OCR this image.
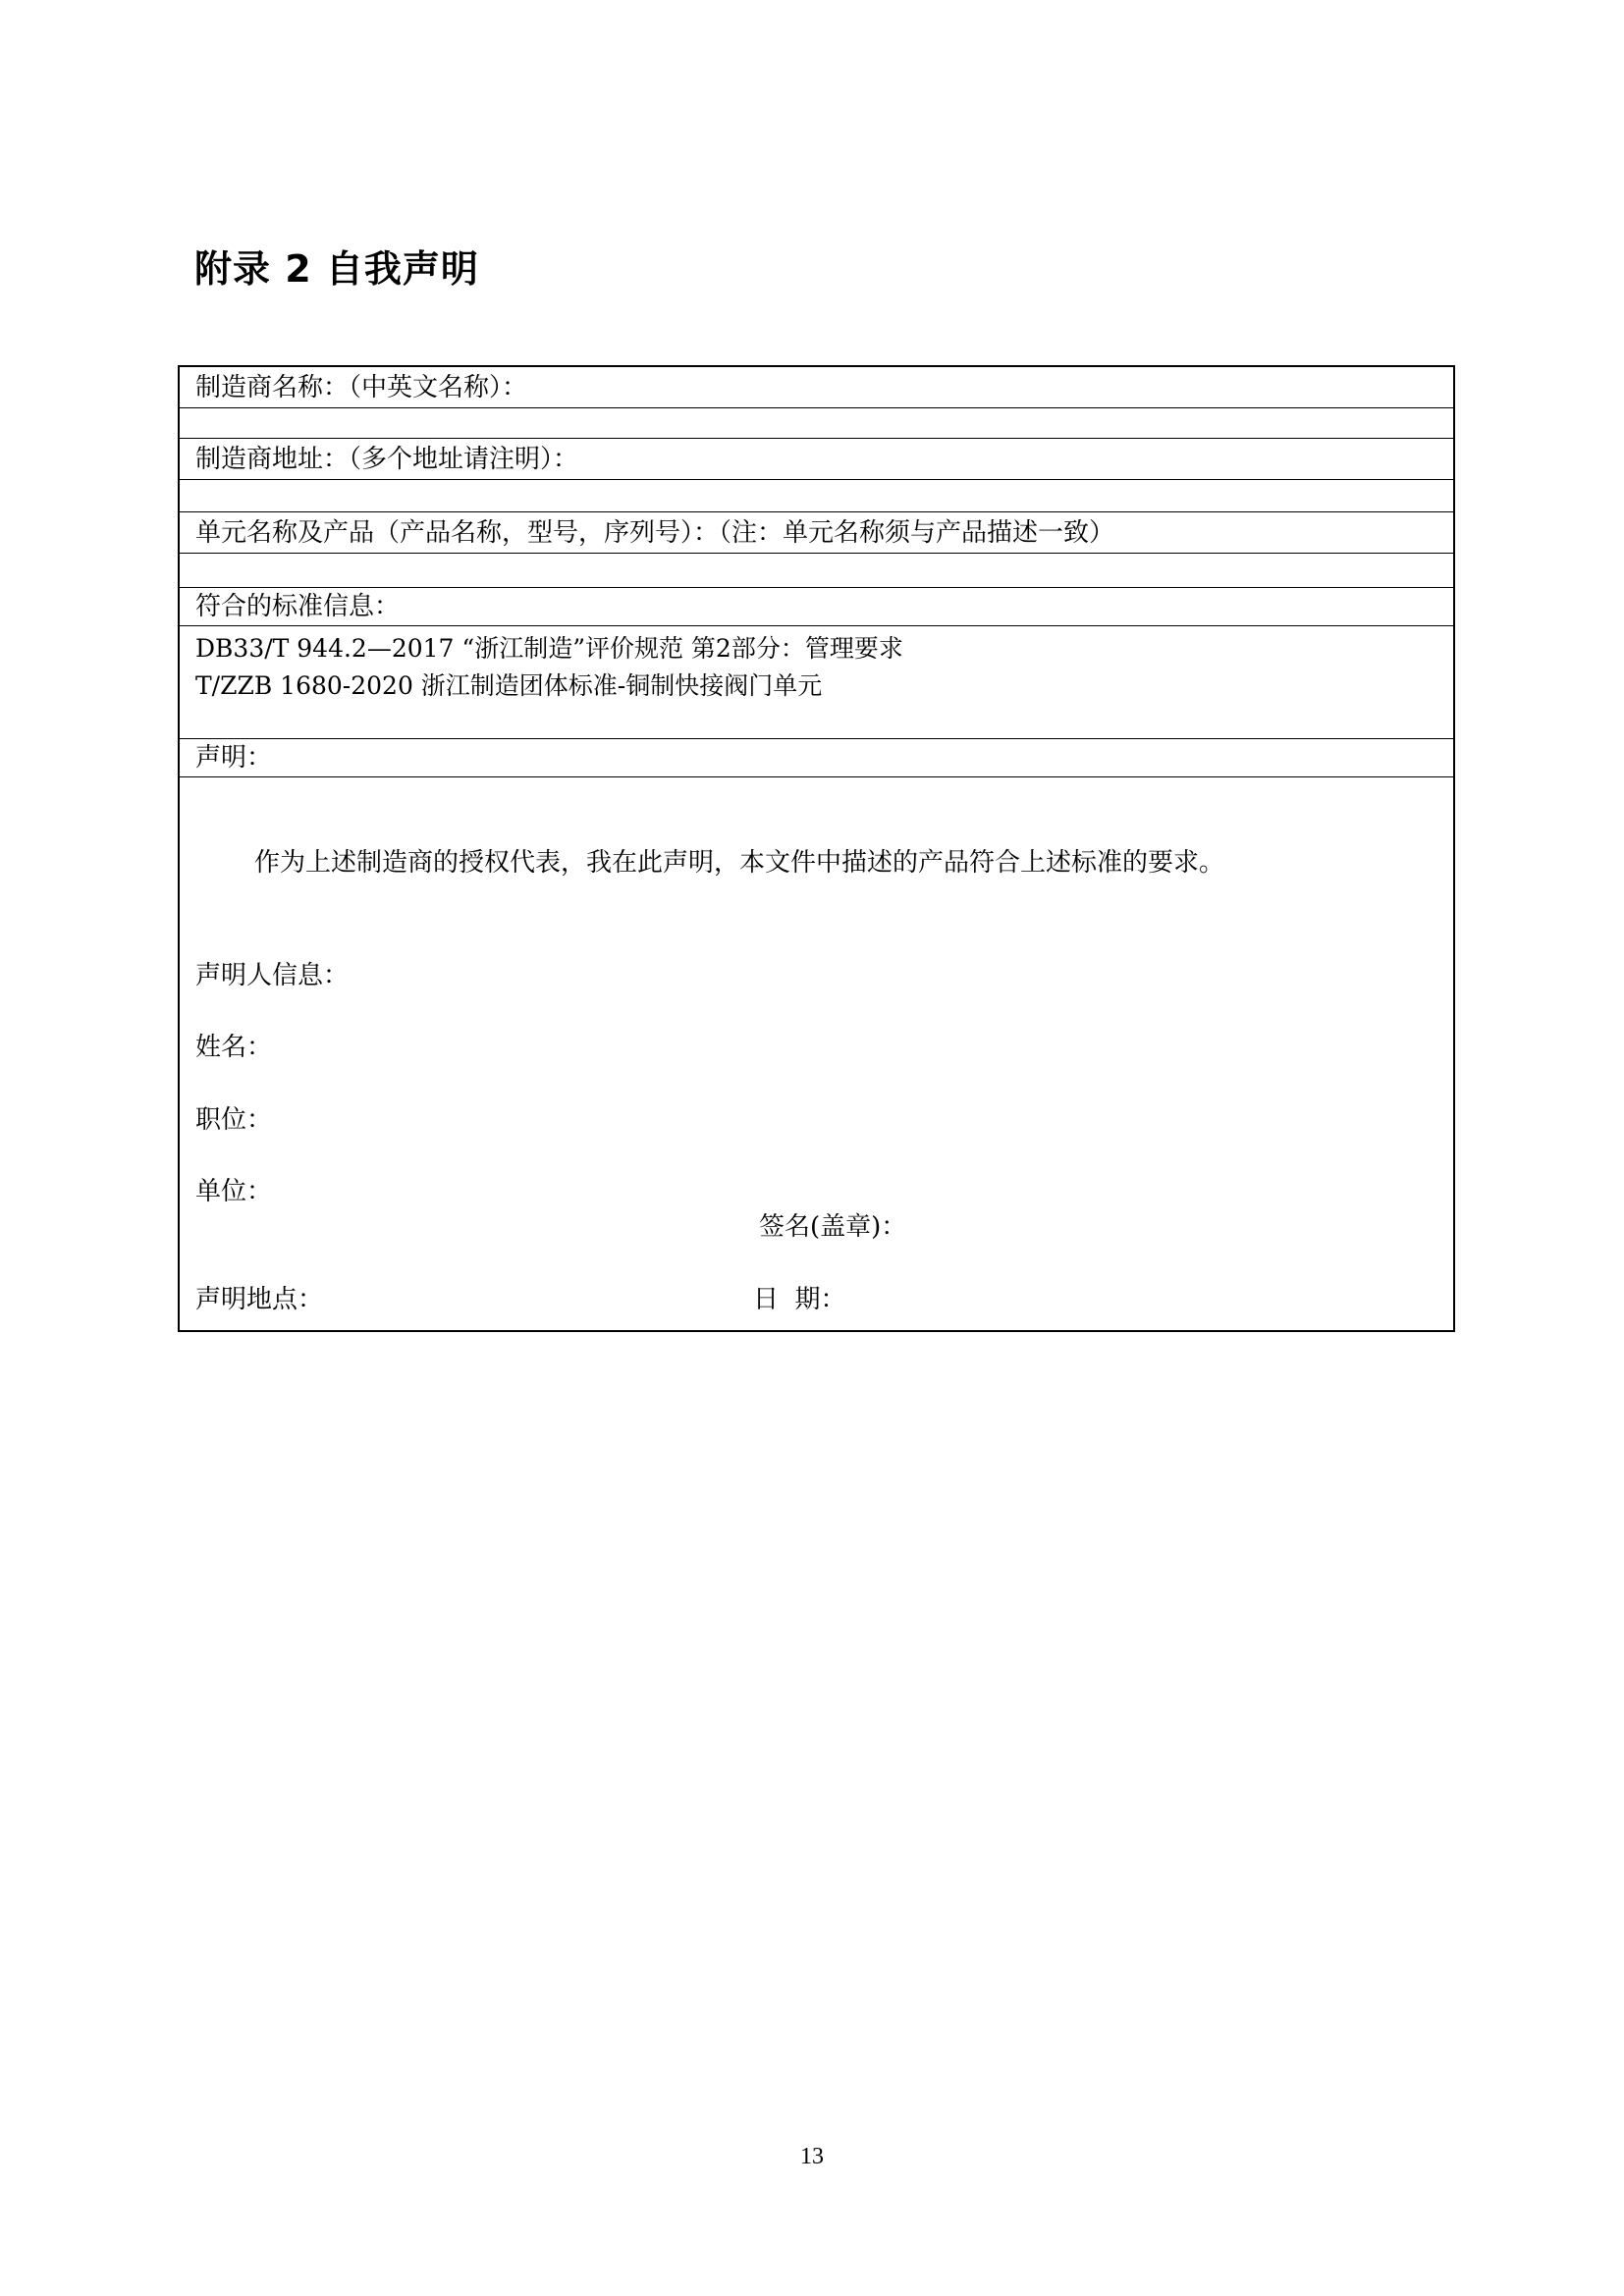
附录 2 自我声明
制造商名称：（中英文名称）：
制造商地址：（多个地址请注明）：
单元名称及产品（产品名称，型号，序列号）：（注：单元名称须与产品描述一致）
符合的标准信息：
DB33/T 944.2—2017 “浙江制造”评价规范 第2部分：管理要求
T/ZZB 1680-2020 浙江制造团体标准-铜制快接阀门单元
声明：
作为上述制造商的授权代表，我在此声明，本文件中描述的产品符合上述标准的要求。
声明人信息：
姓名：
职位：
单位：
签名(盖章)：
声明地点：	日  期：
13
